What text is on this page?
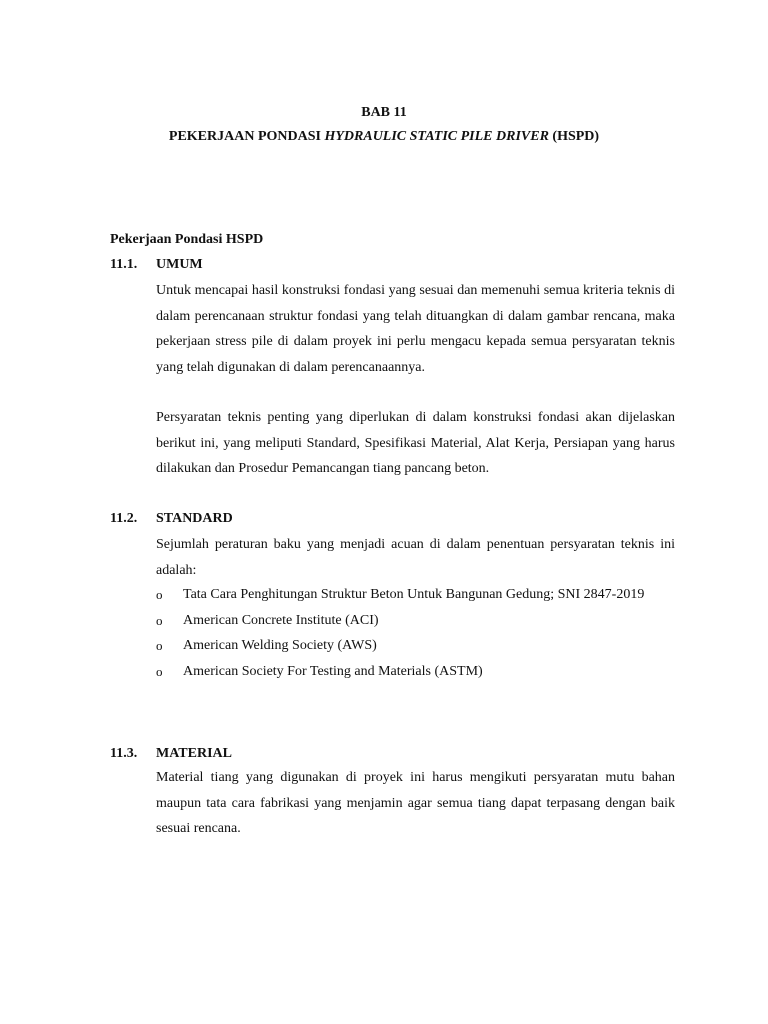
BAB 11
PEKERJAAN PONDASI HYDRAULIC STATIC PILE DRIVER (HSPD)
Pekerjaan Pondasi HSPD
11.1. UMUM
Untuk mencapai hasil konstruksi fondasi yang sesuai dan memenuhi semua kriteria teknis di dalam perencanaan struktur fondasi yang telah dituangkan di dalam gambar rencana, maka pekerjaan stress pile di dalam proyek ini perlu mengacu kepada semua persyaratan teknis yang telah digunakan di dalam perencanaannya.
Persyaratan teknis penting yang diperlukan di dalam konstruksi fondasi akan dijelaskan berikut ini, yang meliputi Standard, Spesifikasi Material, Alat Kerja, Persiapan yang harus dilakukan dan Prosedur Pemancangan tiang pancang beton.
11.2. STANDARD
Sejumlah peraturan baku yang menjadi acuan di dalam penentuan persyaratan teknis ini adalah:
o Tata Cara Penghitungan Struktur Beton Untuk Bangunan Gedung; SNI 2847-2019
o American Concrete Institute (ACI)
o American Welding Society (AWS)
o American Society For Testing and Materials (ASTM)
11.3. MATERIAL
Material tiang yang digunakan di proyek ini harus mengikuti persyaratan mutu bahan maupun tata cara fabrikasi yang menjamin agar semua tiang dapat terpasang dengan baik sesuai rencana.
